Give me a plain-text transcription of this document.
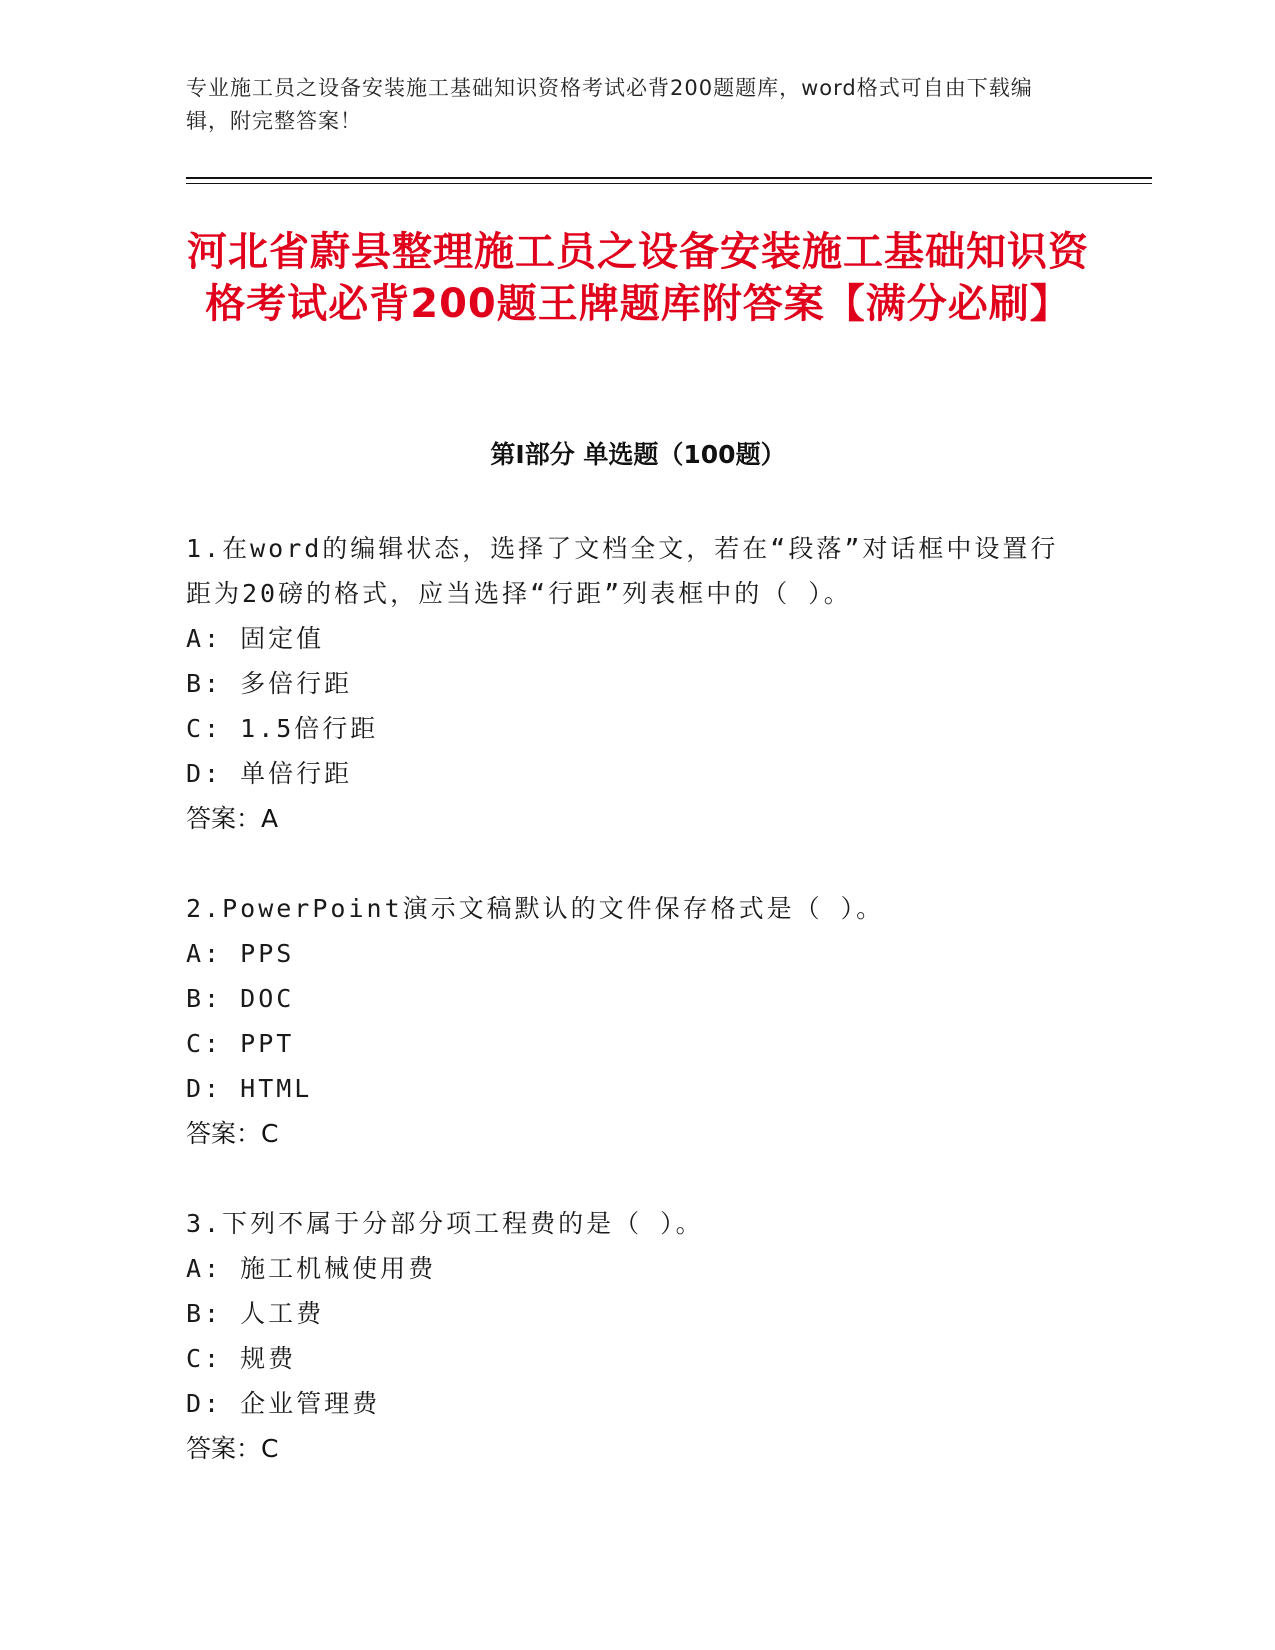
专业施工员之设备安装施工基础知识资格考试必背200题题库，word格式可自由下载编辑，附完整答案！
河北省蔚县整理施工员之设备安装施工基础知识资格考试必背200题王牌题库附答案【满分必刷】
第Ⅰ部分 单选题（100题）
1.在word的编辑状态，选择了文档全文，若在“段落”对话框中设置行距为20磅的格式，应当选择“行距”列表框中的（ ）。
A: 固定值
B: 多倍行距
C: 1.5倍行距
D: 单倍行距
答案：A
2.PowerPoint演示文稿默认的文件保存格式是（ ）。
A: PPS
B: DOC
C: PPT
D: HTML
答案：C
3.下列不属于分部分项工程费的是（ ）。
A: 施工机械使用费
B: 人工费
C: 规费
D: 企业管理费
答案：C
